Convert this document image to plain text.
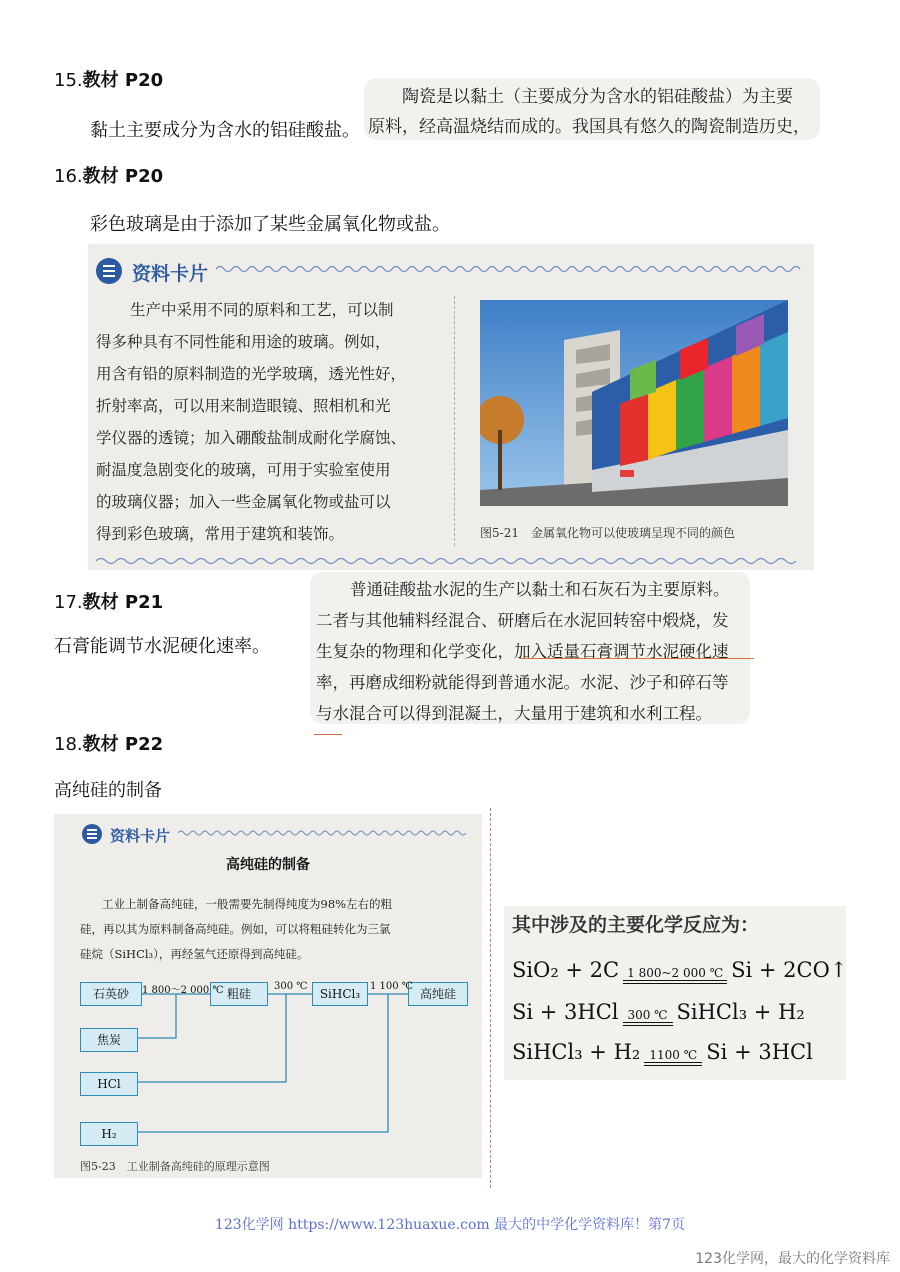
15.教材 P20
黏土主要成分为含水的铝硅酸盐。
陶瓷是以黏土（主要成分为含水的铝硅酸盐）为主要
原料，经高温烧结而成的。我国具有悠久的陶瓷制造历史，
16.教材 P20
彩色玻璃是由于添加了某些金属氧化物或盐。
资料卡片
生产中采用不同的原料和工艺，可以制
得多种具有不同性能和用途的玻璃。例如，
用含有铅的原料制造的光学玻璃，透光性好，
折射率高，可以用来制造眼镜、照相机和光
学仪器的透镜；加入硼酸盐制成耐化学腐蚀、
耐温度急剧变化的玻璃，可用于实验室使用
的玻璃仪器；加入一些金属氧化物或盐可以
得到彩色玻璃，常用于建筑和装饰。	图5-21　金属氧化物可以使玻璃呈现不同的颜色
17.教材 P21
石膏能调节水泥硬化速率。
普通硅酸盐水泥的生产以黏土和石灰石为主要原料。
二者与其他辅料经混合、研磨后在水泥回转窑中煅烧，发
生复杂的物理和化学变化，加入适量石膏调节水泥硬化速
率，再磨成细粉就能得到普通水泥。水泥、沙子和碎石等
与水混合可以得到混凝土，大量用于建筑和水利工程。
18.教材 P22
高纯硅的制备
资料卡片
高纯硅的制备
工业上制备高纯硅，一般需要先制得纯度为98%左右的粗
硅，再以其为原料制备高纯硅。例如，可以将粗硅转化为三氯
硅烷（SiHCl₃），再经氢气还原得到高纯硅。
石英砂	粗硅	SiHCl₃	高纯硅
焦炭
HCl
H₂
1 800～2 000 ℃	300 ℃	1 100 ℃
图5-23　工业制备高纯硅的原理示意图
其中涉及的主要化学反应为：
SiO₂ + 2C 1 800~2 000 ℃ Si + 2CO↑
Si + 3HCl 300 ℃ SiHCl₃ + H₂
SiHCl₃ + H₂ 1100 ℃ Si + 3HCl
123化学网 https://www.123huaxue.com 最大的中学化学资料库！第7页
123化学网，最大的化学资料库
